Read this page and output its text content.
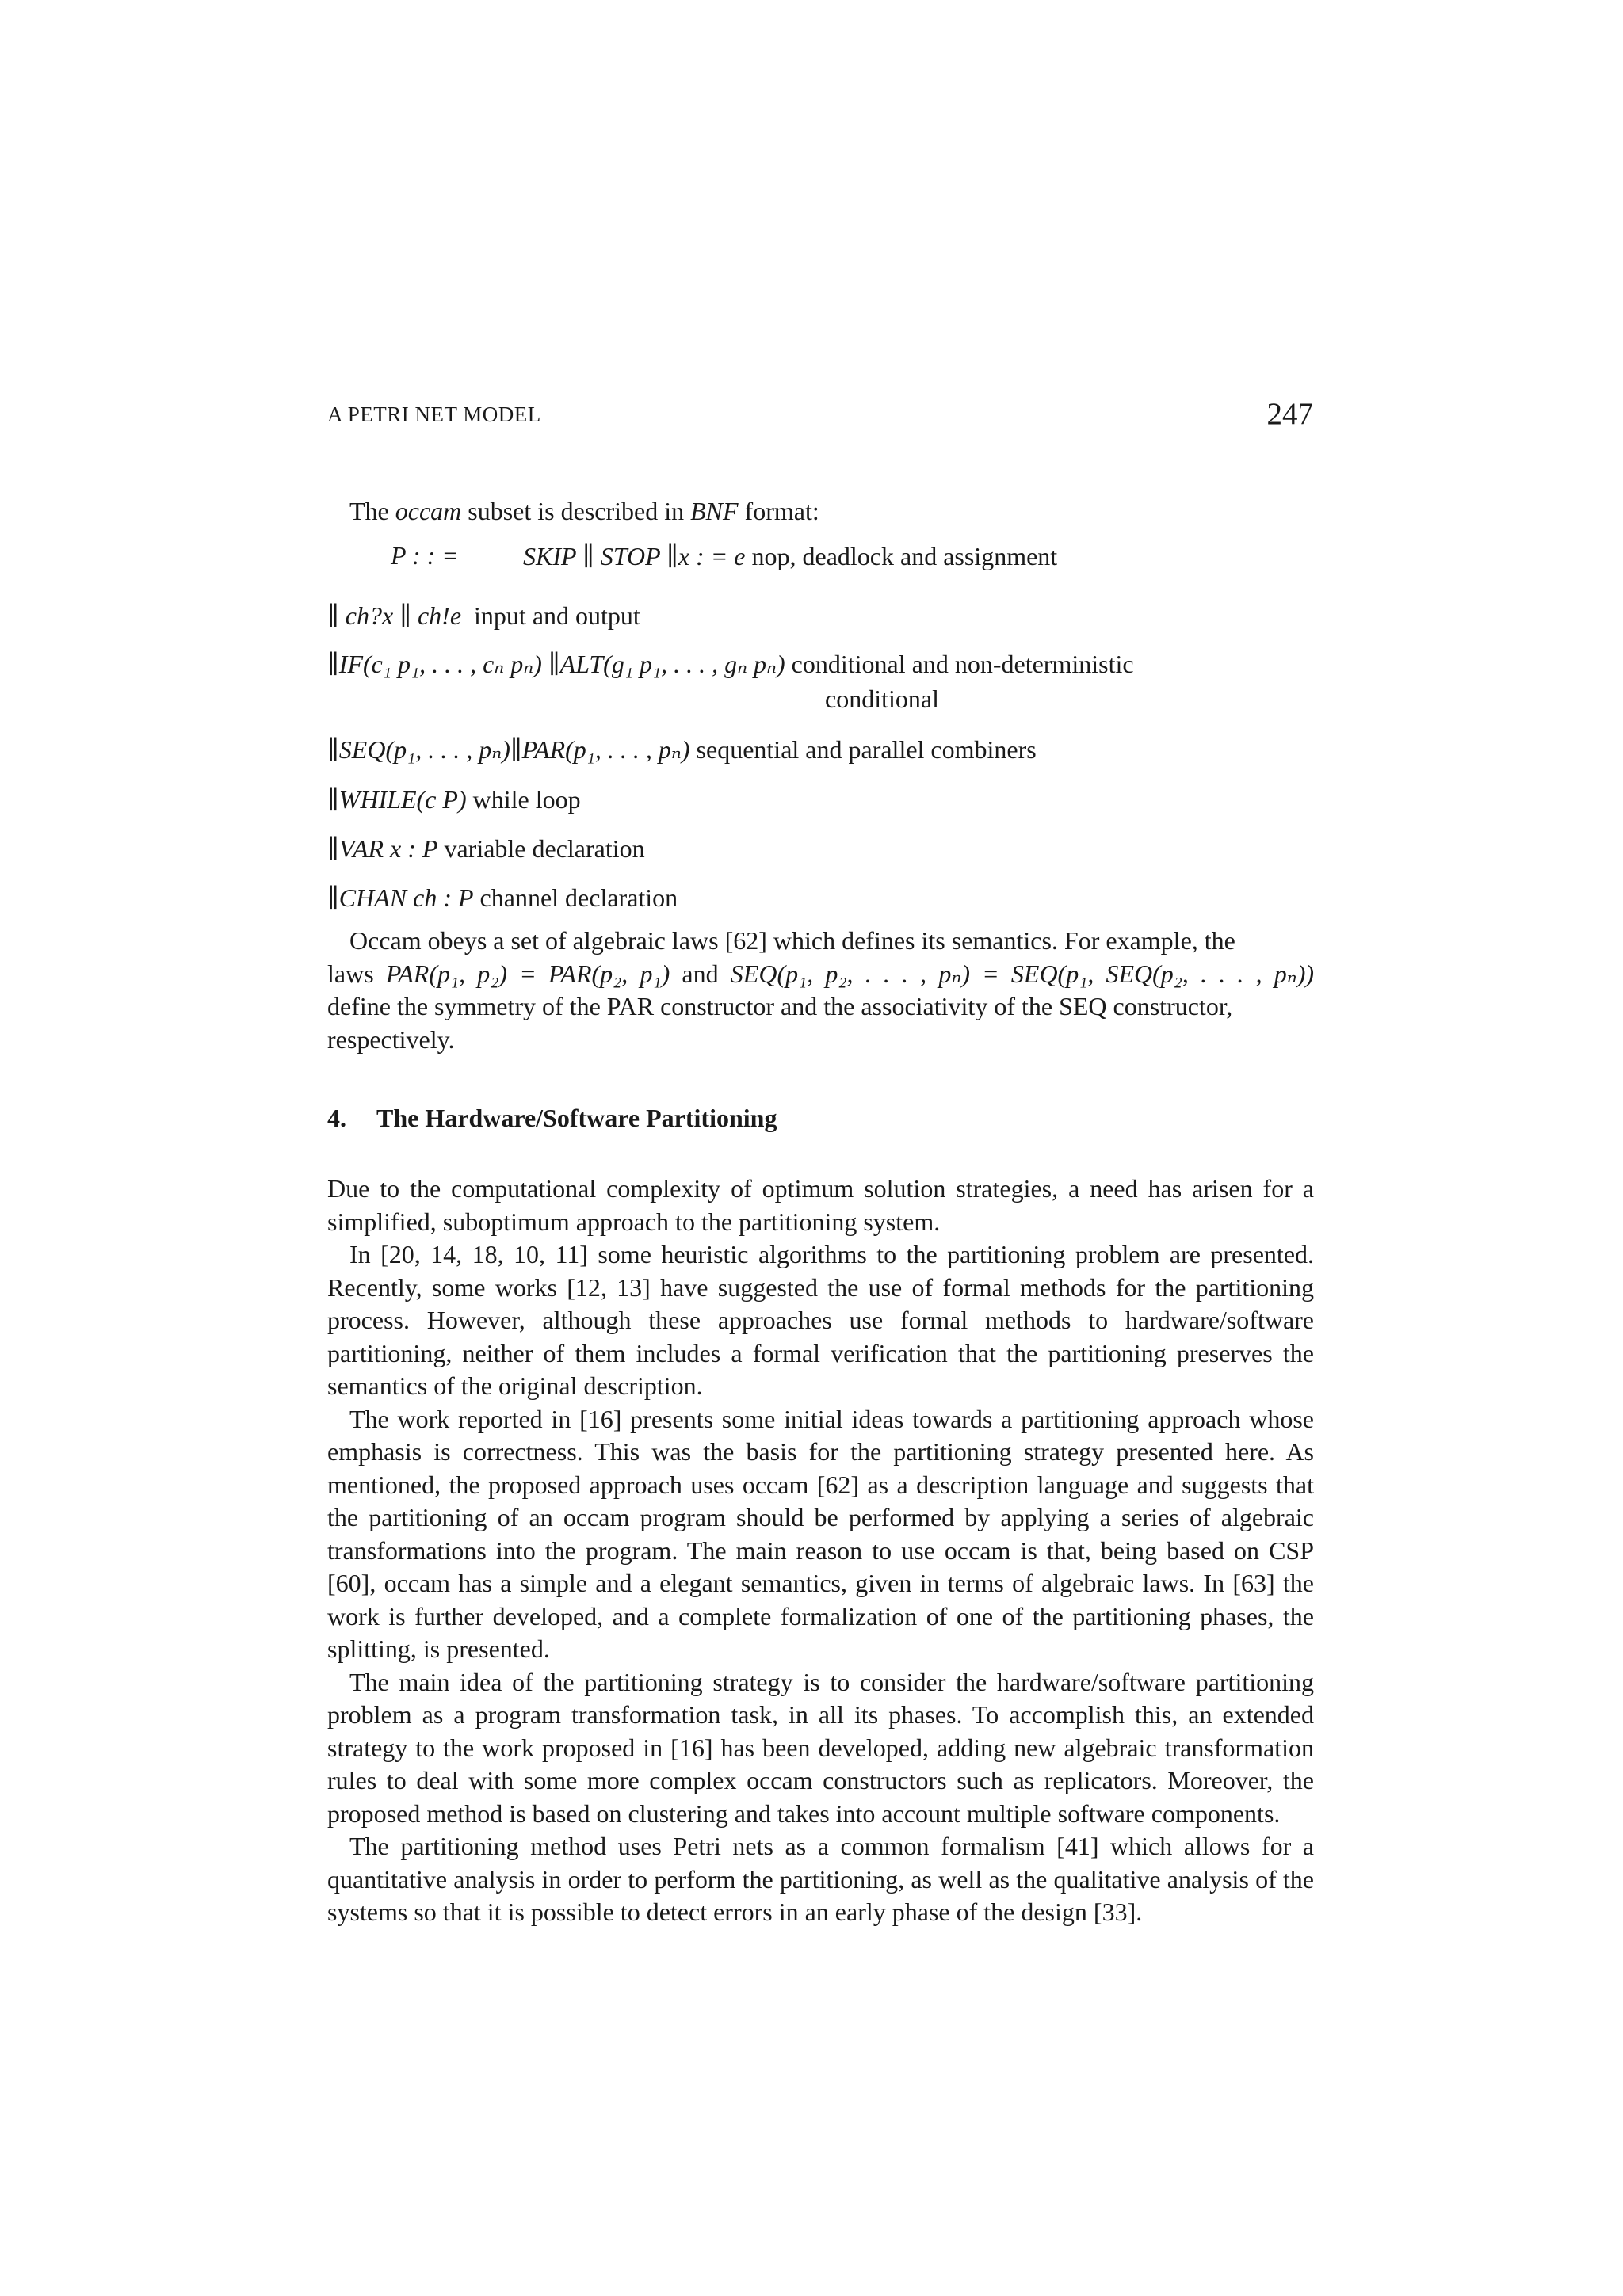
A PETRI NET MODEL	247
The occam subset is described in BNF format:
P : : =	SKIP ∥ STOP ∥x : = e nop, deadlock and assignment
∥ ch?x ∥ ch!e input and output
∥IF(c₁ p₁, . . . , cₙ pₙ) ∥ALT(g₁ p₁, . . . , gₙ pₙ) conditional and non-deterministic
conditional
∥SEQ(p₁, . . . , pₙ)∥PAR(p₁, . . . , pₙ) sequential and parallel combiners
∥WHILE(c P) while loop
∥VAR x : P variable declaration
∥CHAN ch : P channel declaration

Occam obeys a set of algebraic laws [62] which defines its semantics. For example, the

laws PAR(p₁, p₂) = PAR(p₂, p₁) and SEQ(p₁, p₂, . . . , pₙ) = SEQ(p₁, SEQ(p₂, . . . , pₙ))

define the symmetry of the PAR constructor and the associativity of the SEQ constructor,

respectively.

4. The Hardware/Software Partitioning

Due to the computational complexity of optimum solution strategies, a need has arisen for a simplified, suboptimum approach to the partitioning system.

In [20, 14, 18, 10, 11] some heuristic algorithms to the partitioning problem are presented. Recently, some works [12, 13] have suggested the use of formal methods for the partitioning process. However, although these approaches use formal methods to hardware/software partitioning, neither of them includes a formal verification that the partitioning preserves the semantics of the original description.

The work reported in [16] presents some initial ideas towards a partitioning approach whose emphasis is correctness. This was the basis for the partitioning strategy presented here. As mentioned, the proposed approach uses occam [62] as a description language and suggests that the partitioning of an occam program should be performed by applying a series of algebraic transformations into the program. The main reason to use occam is that, being based on CSP [60], occam has a simple and a elegant semantics, given in terms of algebraic laws. In [63] the work is further developed, and a complete formalization of one of the partitioning phases, the splitting, is presented.

The main idea of the partitioning strategy is to consider the hardware/software partitioning problem as a program transformation task, in all its phases. To accomplish this, an extended strategy to the work proposed in [16] has been developed, adding new algebraic transformation rules to deal with some more complex occam constructors such as replicators. Moreover, the proposed method is based on clustering and takes into account multiple software components.

The partitioning method uses Petri nets as a common formalism [41] which allows for a quantitative analysis in order to perform the partitioning, as well as the qualitative analysis of the systems so that it is possible to detect errors in an early phase of the design [33].
